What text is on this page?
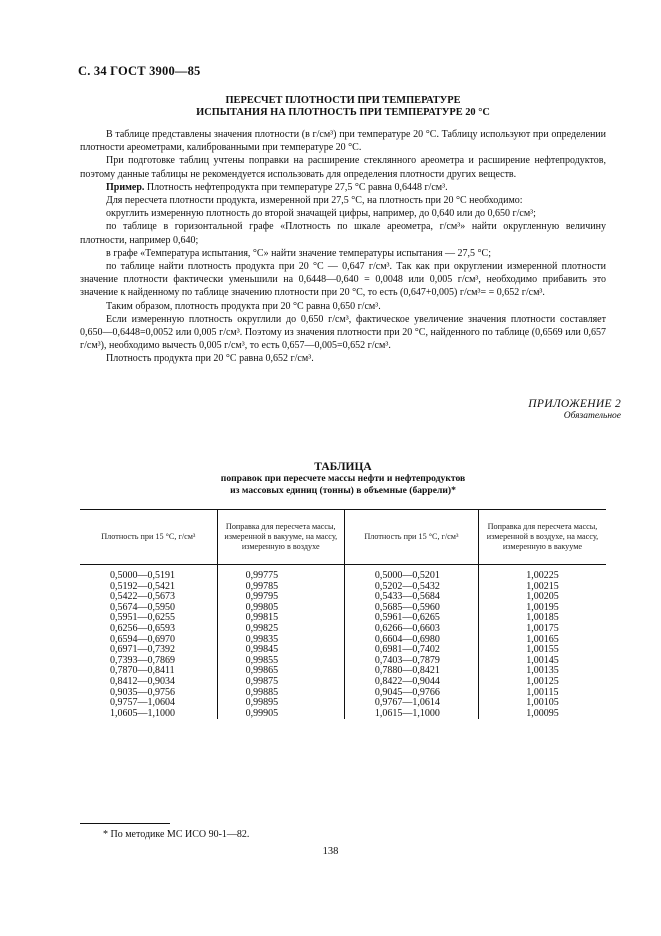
С. 34 ГОСТ 3900—85
ПЕРЕСЧЕТ ПЛОТНОСТИ ПРИ ТЕМПЕРАТУРЕ
ИСПЫТАНИЯ НА ПЛОТНОСТЬ ПРИ ТЕМПЕРАТУРЕ 20 °С

В таблице представлены значения плотности (в г/см³) при температуре 20 °С. Таблицу используют при определении плотности ареометрами, калиброванными при температуре 20 °С.

При подготовке таблиц учтены поправки на расширение стеклянного ареометра и расширение нефтепродуктов, поэтому данные таблицы не рекомендуется использовать для определения плотности других веществ.

Пример. Плотность нефтепродукта при температуре 27,5 °С равна 0,6448 г/см³.

Для пересчета плотности продукта, измеренной при 27,5 °С, на плотность при 20 °С необходимо:

округлить измеренную плотность до второй значащей цифры, например, до 0,640 или до 0,650 г/см³;

по таблице в горизонтальной графе «Плотность по шкале ареометра, г/см³» найти округленную величину плотности, например 0,640;

в графе «Температура испытания, °С» найти значение температуры испытания — 27,5 °С;

по таблице найти плотность продукта при 20 °С — 0,647 г/см³. Так как при округлении измеренной плотности значение плотности фактически уменьшили на 0,6448—0,640 = 0,0048 или 0,005 г/см³, необходимо прибавить это значение к найденному по таблице значению плотности при 20 °С, то есть (0,647+0,005) г/см³= = 0,652 г/см³.

Таким образом, плотность продукта при 20 °С равна 0,650 г/см³.

Если измеренную плотность округлили до 0,650 г/см³, фактическое увеличение значения плотности составляет 0,650—0,6448=0,0052 или 0,005 г/см³. Поэтому из значения плотности при 20 °С, найденного по таблице (0,6569 или 0,657 г/см³), необходимо вычесть 0,005 г/см³, то есть 0,657—0,005=0,652 г/см³.

Плотность продукта при 20 °С равна 0,652 г/см³.

ПРИЛОЖЕНИЕ 2
Обязательное
ТАБЛИЦА
поправок при пересчете массы нефти и нефтепродуктов
из массовых единиц (тонны) в объемные (баррели)*
Плотность при 15 °С, г/см³	Поправка для пересчета массы, измеренной в вакууме, на массу, измеренную в воздухе	Плотность при 15 °С, г/см³	Поправка для пересчета массы, измеренной в воздухе, на массу, измеренную в вакууме
0,5000—0,5191	0,99775	0,5000—0,5201	1,00225
0,5192—0,5421	0,99785	0,5202—0,5432	1,00215
0,5422—0,5673	0,99795	0,5433—0,5684	1,00205
0,5674—0,5950	0,99805	0,5685—0,5960	1,00195
0,5951—0,6255	0,99815	0,5961—0,6265	1,00185
0,6256—0,6593	0,99825	0,6266—0,6603	1,00175
0,6594—0,6970	0,99835	0,6604—0,6980	1,00165
0,6971—0,7392	0,99845	0,6981—0,7402	1,00155
0,7393—0,7869	0,99855	0,7403—0,7879	1,00145
0,7870—0,8411	0,99865	0,7880—0,8421	1,00135
0,8412—0,9034	0,99875	0,8422—0,9044	1,00125
0,9035—0,9756	0,99885	0,9045—0,9766	1,00115
0,9757—1,0604	0,99895	0,9767—1,0614	1,00105
1,0605—1,1000	0,99905	1,0615—1,1000	1,00095
* По методике МС ИСО 90-1—82.
138
